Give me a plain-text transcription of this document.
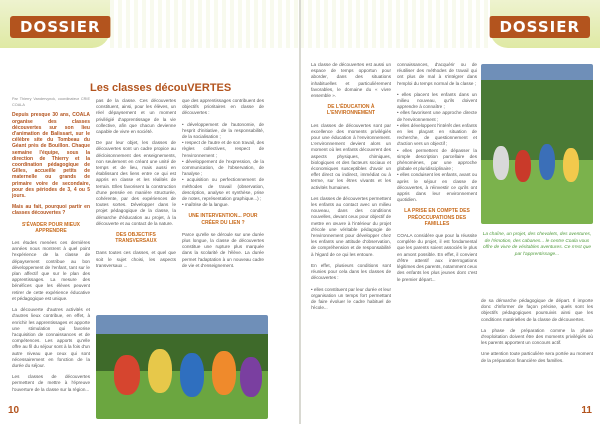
DOSSIER
Les classes découVERTES
Par Thierry Vandervynck, coordinateur CRIE COALA

Depuis presque 30 ans, COALA organise des classes découvertes sur son lieu d'animation de Balissart, sur le célèbre site du Tombeau du Géant près de Bouillon. Chaque semaine l'équipe, sous la direction de Thierry et la coordination pédagogique de Gilles, accueille petits de maternelle ou grands de primaire voire de secondaire, pour des périodes de 3, 4 ou 5 jours.

Mais au fait, pourquoi partir en classes découvertes ?

S'ÉVADER POUR MIEUX APPRENDRE

Les études menées ces dernières années nous montrent à quel point l'expérience de la classe de dépaysement contribue au bon développement de l'enfant, tant sur le plan affectif que sur le plan des apprentissages. La mesure des bénéfices que les élèves peuvent retirer de cette expérience éducative et pédagogique est unique.

La découverte d'autres activités et d'autres lieux contribue, en effet, à enrichir les apprentissages et apporte une stimulation qui favorise l'acquisition de connaissances et de compétences. Les apports qu'elle offre au fil du séjour sont à la fois d'un autre niveau que ceux qui sont nécessairement en fonction de la durée du séjour.

Les classes de découvertes permettent de mettre à l'épreuve l'ouverture de la classe sur la région...

pas de la classe. Ces découvertes constituent, ainsi, pour les élèves, un réel dépaysement et un moment privilégié d'apprentissage de la vie collective, afin que chacun devienne capable de vivre en société.

De par leur objet, les classes de découvertes sont un cadre propice au décloisonnement des enseignements, non seulement en créant une unité de temps et de lieu, mais aussi en établissant des liens entre ce qui est appris en classe et les réalités de terrain. Elles favorisent la construction d'une pensée en manière structurée, cohérente, par des expériences de toutes sortes. Développer dans le projet pédagogique de la classe, la démarche d'éducation au projet, à la découverte et au contact de la nature.

DES OBJECTIFS TRANSVERSAUX

Dans toutes ces classes, et quel que soit le sujet choisi, les aspects transversaux ...

que des apprentissages contribuent des objectifs prioritaires en classe de découvertes :

• développement de l'autonomie, de l'esprit d'initiative, de la responsabilité, de la socialisation ;
• respect de l'autre et de son travail, des règles collectives, respect de l'environnement ;
• développement de l'expression, de la communication, de l'observation, de l'analyse ;
• acquisition ou perfectionnement de méthodes de travail (observation, description, analyse et synthèse, prise de notes, représentation graphique...) ;
• maîtrise de la langue.

UNE INTERVENTION... POUR CRÉER DU LIEN ?

Parce qu'elle se déroule sur une durée plus longue, la classe de découvertes constitue une rupture plus marquée dans la scolarité de l'élève. La durée permet l'adaptation à un nouveau cadre de vie et d'enseignement.

10
DOSSIER

La classe de découvertes est aussi un espace de temps opportun pour aborder, dans des situations inhabituelles et particulièrement favorables, le domaine du « vivre ensemble ».

DE L'ÉDUCATION À L'ENVIRONNEMENT

Les classes de découvertes sont par excellence des moments privilégiés pour une éducation à l'environnement. L'environnement devient alors un moment où les enfants découvrent des aspects physiques, chimiques, biologiques et des facteurs sociaux et économiques susceptibles d'avoir un effet direct ou indirect, immédiat ou à terme, sur les êtres vivants et les activités humaines.

Les classes de découvertes permettent les enfants au contact avec un milieu nouveau, dans des conditions nouvelles, devant ceux pour objectif de mettre en œuvre à l'intérieur du projet d'école une véritable pédagogie de l'environnement pour développer chez les enfants une attitude d'observation, de compréhension et de responsabilité à l'égard de ce qui les entoure.

En effet, plusieurs conditions sont réunies pour cela dans les classes de découvertes :

• elles constituent par leur durée et leur organisation un temps fort permettant de faire évoluer le cadre habituel de l'école...

connaissances, d'acquérir ou de réutiliser des méthodes de travail qui ont plus de mal à s'intégrer dans l'emploi du temps normal de la classe ;

• elles placent les enfants dans un milieu nouveau, qu'ils doivent apprendre à connaître ;
• elles favorisent une approche directe de l'environnement ;
• elles développent l'intérêt des enfants en les plaçant en situation de recherche, de questionnement et d'action vers un objectif ;
• elles permettent de dépasser la simple description parcellaire des phénomènes, par une approche globale et pluridisciplinaire ;
• elles conduisent les enfants, avant ou après le séjour en classe de découvertes, à réinvestir ce qu'ils ont appris dans leur environnement quotidien.

LA PRISE EN COMPTE DES PRÉOCCUPATIONS DES FAMILLES

COALA considère que pour la réussite complète du projet, il est fondamental que les parents soient associés le plus en amont possible. En effet, il convient d'être attentif aux interrogations légitimes des parents, notamment ceux des enfants les plus jeunes dont c'est le premier départ...

La chaîne, un projet, des chevalets, des aventures, de l'émotion, des cabanes... le centre Coala vous offre de vivre de véritables aventures. Ce n'est que par l'apprentissage...

de sa démarche pédagogique de départ. Il importe donc d'informer de façon précise, quels sont les objectifs pédagogiques poursuivis ainsi que les conditions matérielles de la classe de découvertes.

La phase de préparation comme la phase d'exploitation doivent être des moments privilégiés où les parents apportent un concours actif.

Une attention toute particulière sera portée au moment de la préparation financière des familles.

11
